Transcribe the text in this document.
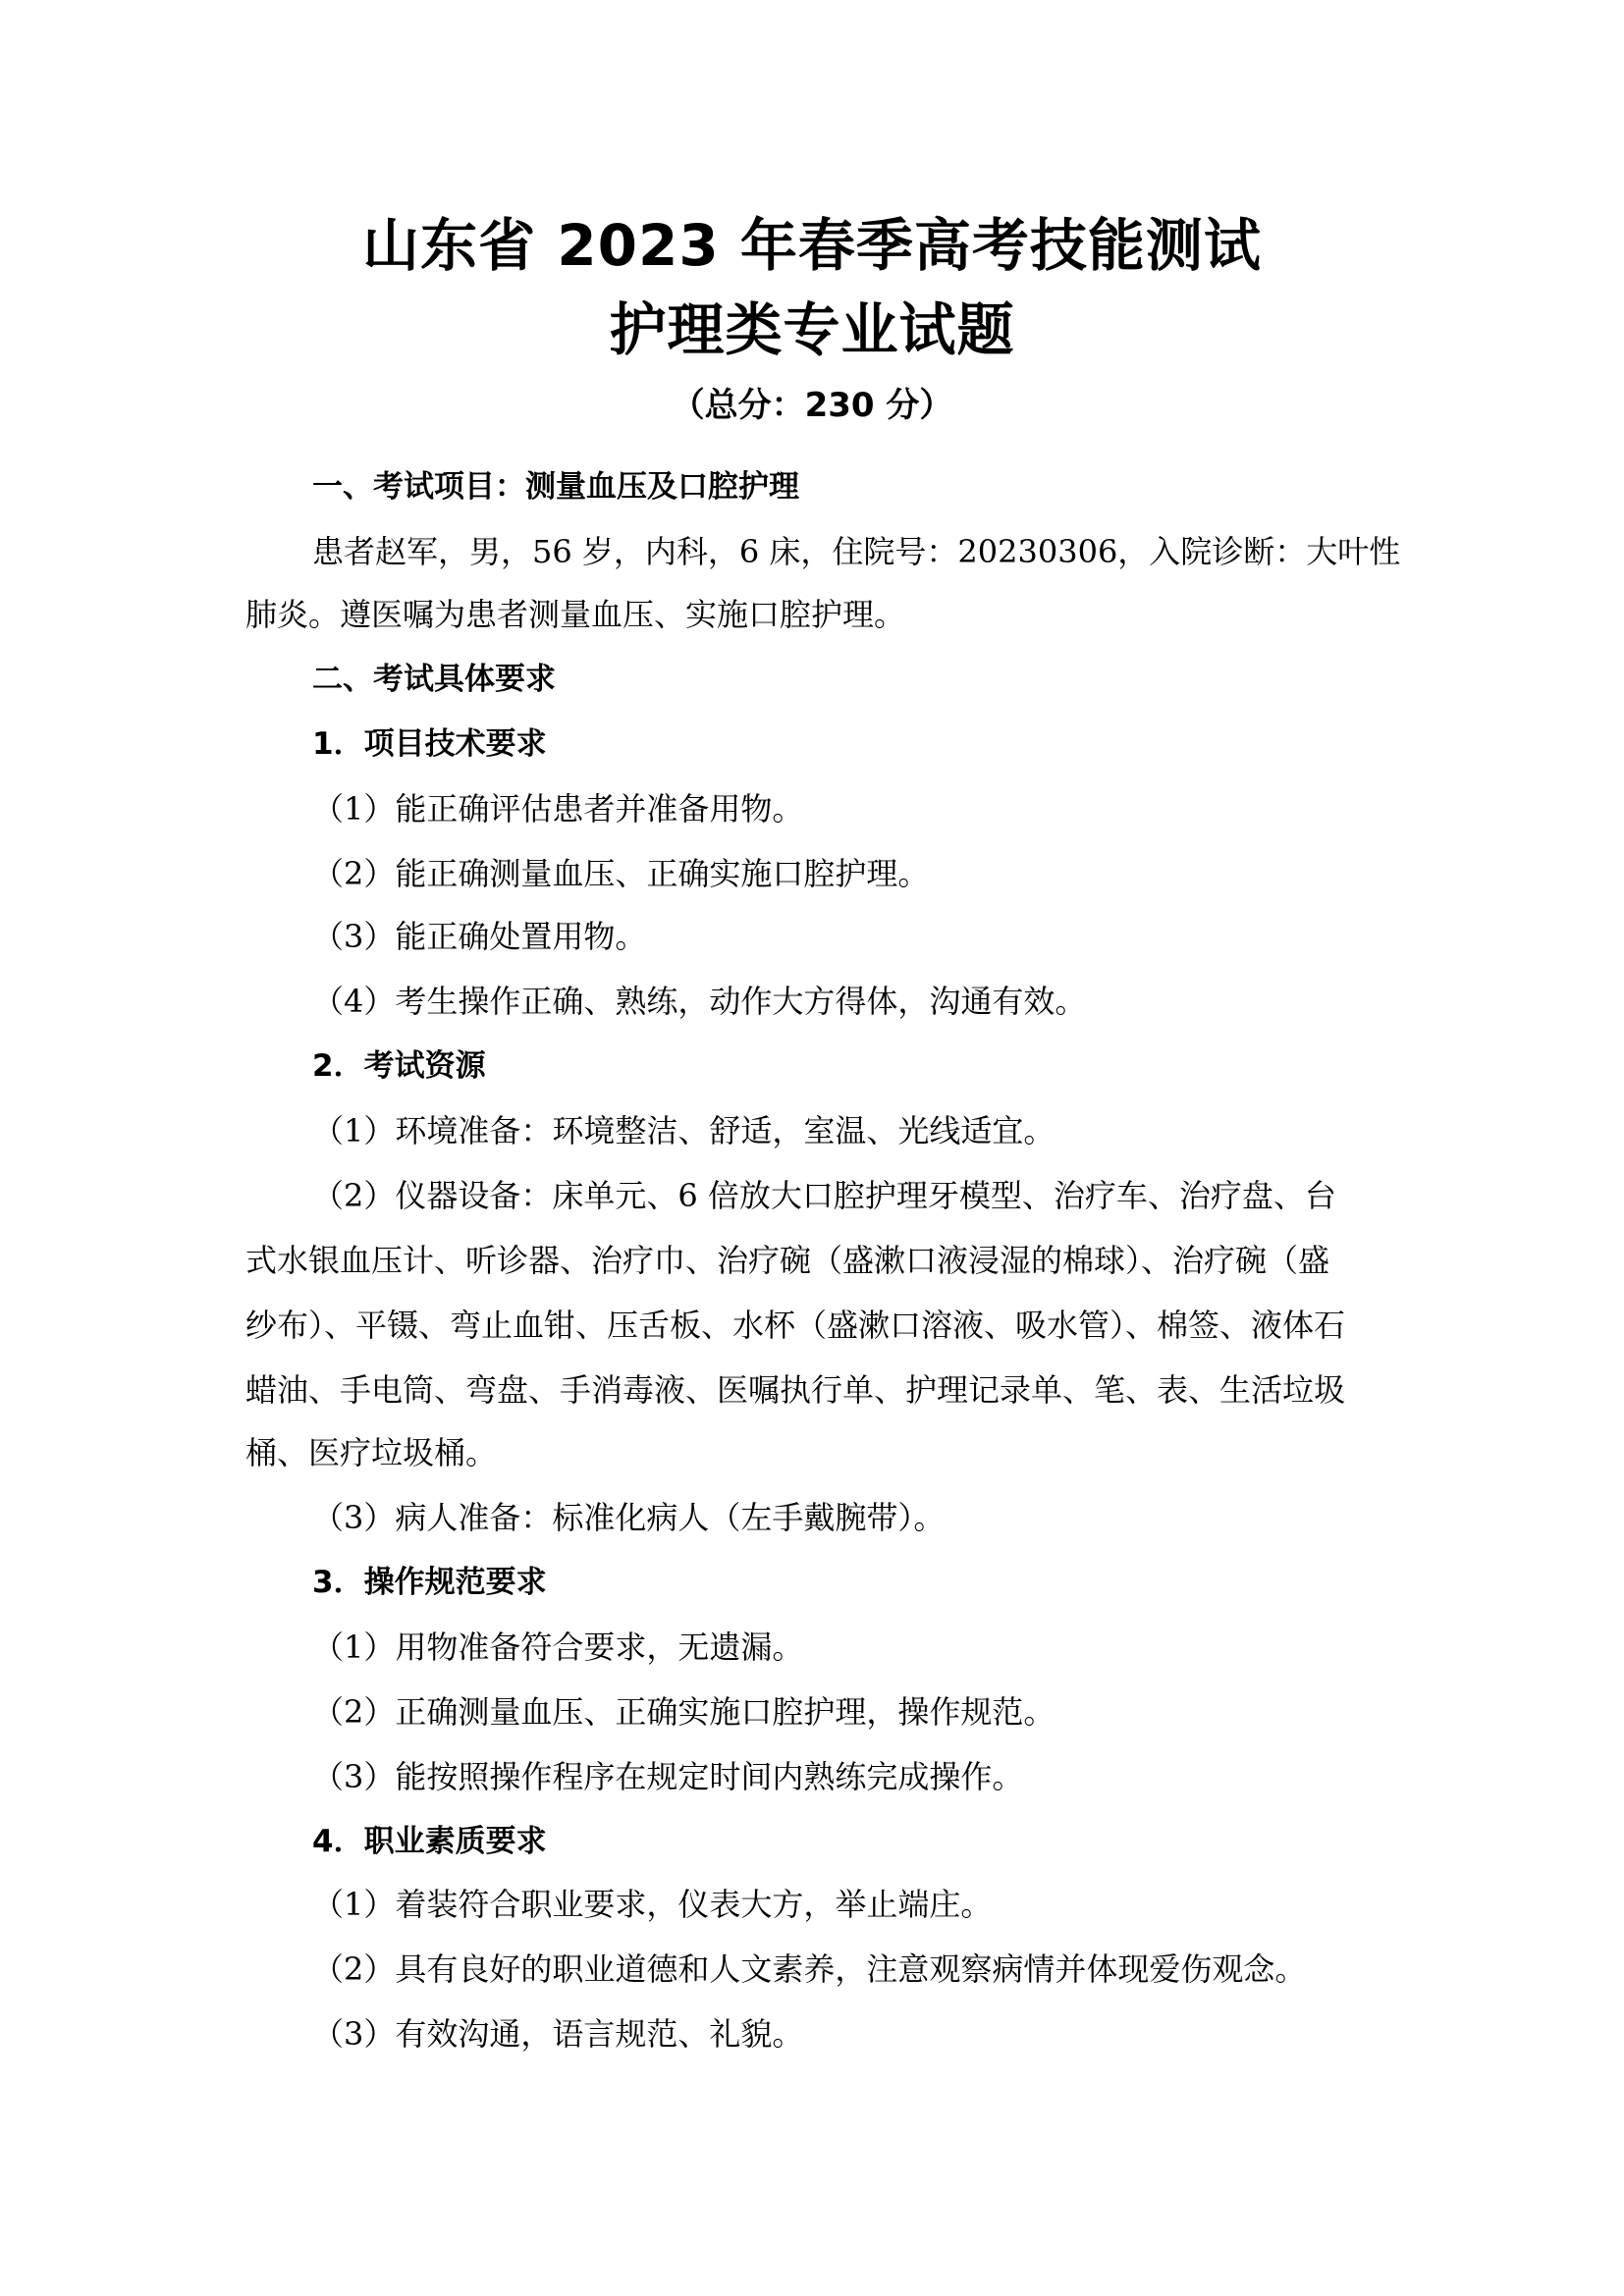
山东省 2023 年春季高考技能测试
护理类专业试题
（总分：230 分）
一、考试项目：测量血压及口腔护理
患者赵军，男，56 岁，内科，6 床，住院号：20230306，入院诊断：大叶性
肺炎。遵医嘱为患者测量血压、实施口腔护理。
二、考试具体要求
1．项目技术要求
（1）能正确评估患者并准备用物。
（2）能正确测量血压、正确实施口腔护理。
（3）能正确处置用物。
（4）考生操作正确、熟练，动作大方得体，沟通有效。
2．考试资源
（1）环境准备：环境整洁、舒适，室温、光线适宜。
（2）仪器设备：床单元、6 倍放大口腔护理牙模型、治疗车、治疗盘、台
式水银血压计、听诊器、治疗巾、治疗碗（盛漱口液浸湿的棉球）、治疗碗（盛
纱布）、平镊、弯止血钳、压舌板、水杯（盛漱口溶液、吸水管）、棉签、液体石
蜡油、手电筒、弯盘、手消毒液、医嘱执行单、护理记录单、笔、表、生活垃圾
桶、医疗垃圾桶。
（3）病人准备：标准化病人（左手戴腕带）。
3．操作规范要求
（1）用物准备符合要求，无遗漏。
（2）正确测量血压、正确实施口腔护理，操作规范。
（3）能按照操作程序在规定时间内熟练完成操作。
4．职业素质要求
（1）着装符合职业要求，仪表大方，举止端庄。
（2）具有良好的职业道德和人文素养，注意观察病情并体现爱伤观念。
（3）有效沟通，语言规范、礼貌。
